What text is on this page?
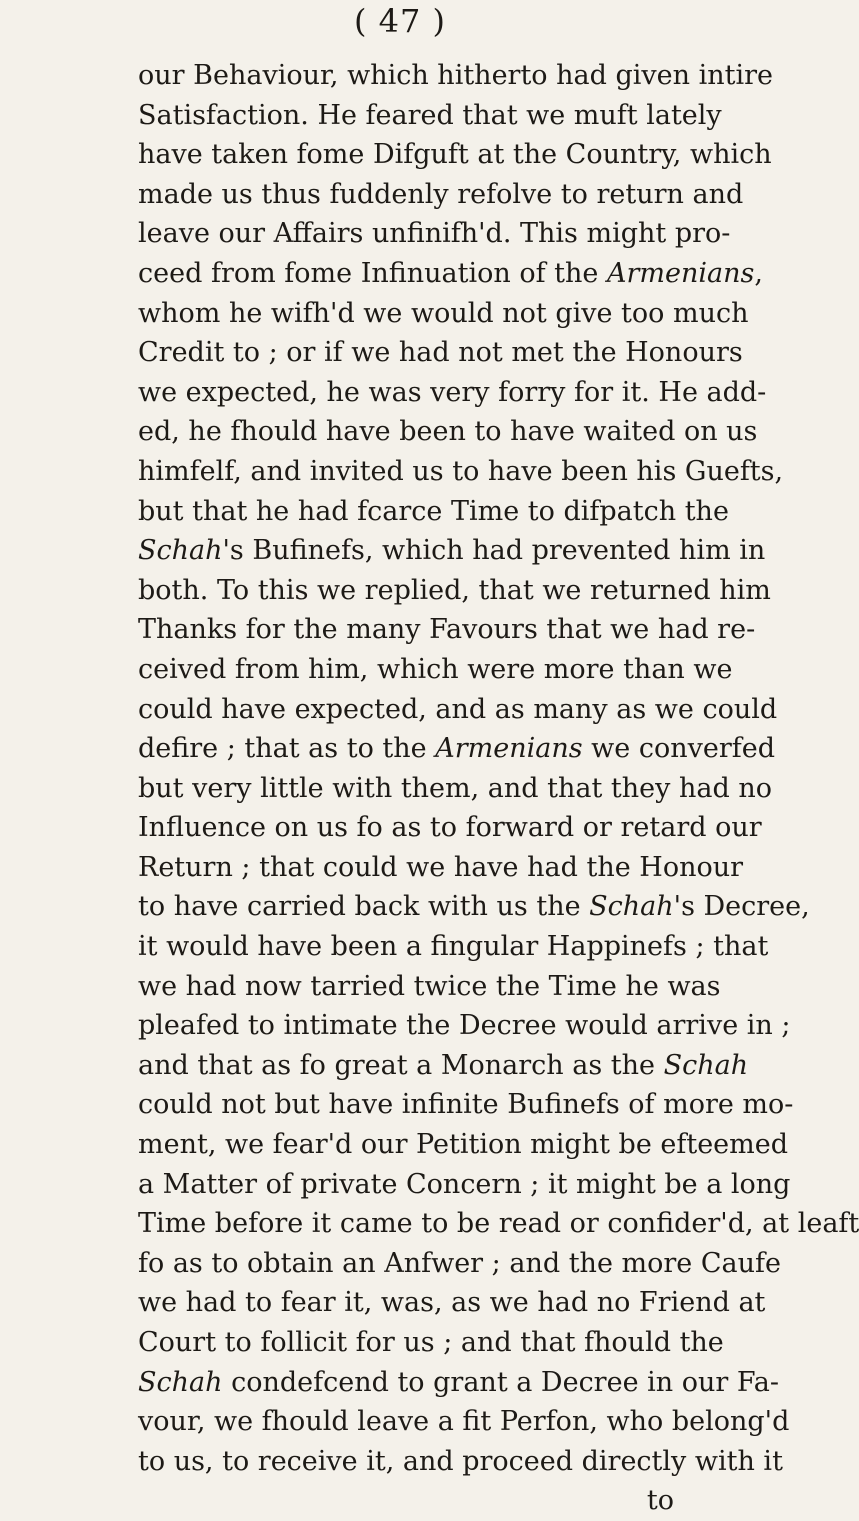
( 47 )
our Behaviour, which hitherto had given intire
Satisfaction. He feared that we muft lately
have taken fome Difguft at the Country, which
made us thus fuddenly refolve to return and
leave our Affairs unfinifh'd. This might pro-
ceed from fome Infinuation of the Armenians,
whom he wifh'd we would not give too much
Credit to ; or if we had not met the Honours
we expected, he was very forry for it. He add-
ed, he fhould have been to have waited on us
himfelf, and invited us to have been his Guefts,
but that he had fcarce Time to difpatch the
Schah's Bufinefs, which had prevented him in
both. To this we replied, that we returned him
Thanks for the many Favours that we had re-
ceived from him, which were more than we
could have expected, and as many as we could
defire ; that as to the Armenians we converfed
but very little with them, and that they had no
Influence on us fo as to forward or retard our
Return ; that could we have had the Honour
to have carried back with us the Schah's Decree,
it would have been a fingular Happinefs ; that
we had now tarried twice the Time he was
pleafed to intimate the Decree would arrive in ;
and that as fo great a Monarch as the Schah
could not but have infinite Bufinefs of more mo-
ment, we fear'd our Petition might be efteemed
a Matter of private Concern ; it might be a long
Time before it came to be read or confider'd, at leaft
fo as to obtain an Anfwer ; and the more Caufe
we had to fear it, was, as we had no Friend at
Court to follicit for us ; and that fhould the
Schah condefcend to grant a Decree in our Fa-
vour, we fhould leave a fit Perfon, who belong'd
to us, to receive it, and proceed directly with it
to
